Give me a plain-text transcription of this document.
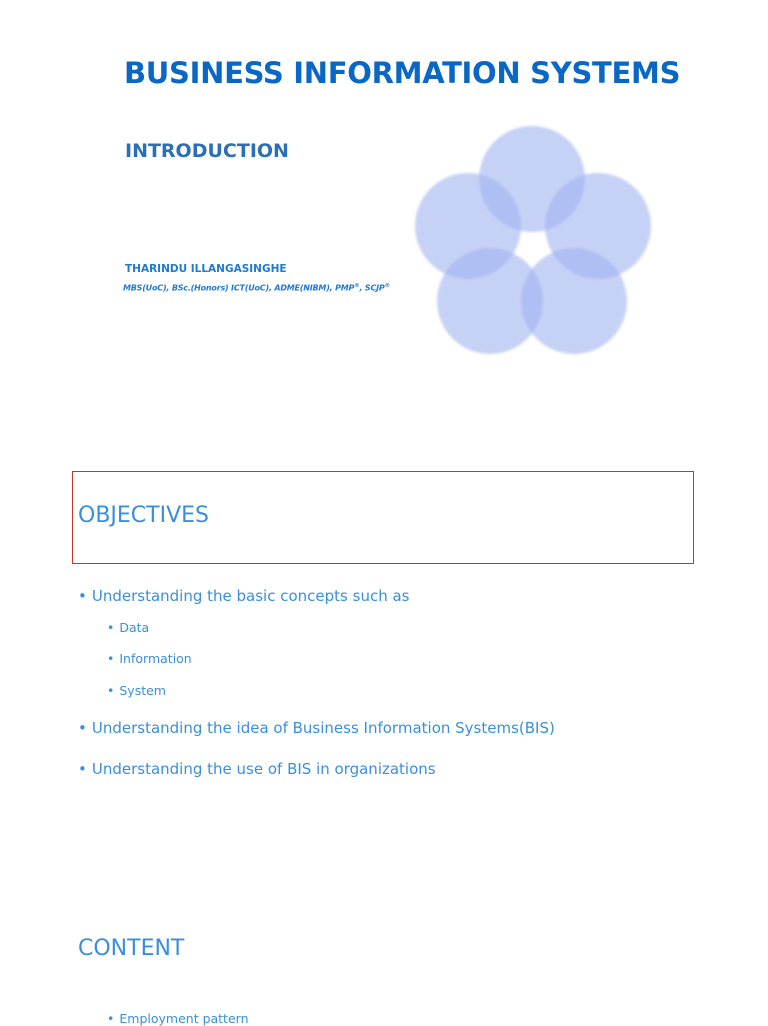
BUSINESS INFORMATION SYSTEMS
INTRODUCTION
THARINDU ILLANGASINGHE
MBS(UoC), BSc.(Honors) ICT(UoC), ADME(NIBM), PMP®, SCJP®
OBJECTIVES
• Understanding the basic concepts such as
• Data
• Information
• System
• Understanding the idea of Business Information Systems(BIS)
• Understanding the use of BIS in organizations
CONTENT
• Employment pattern
